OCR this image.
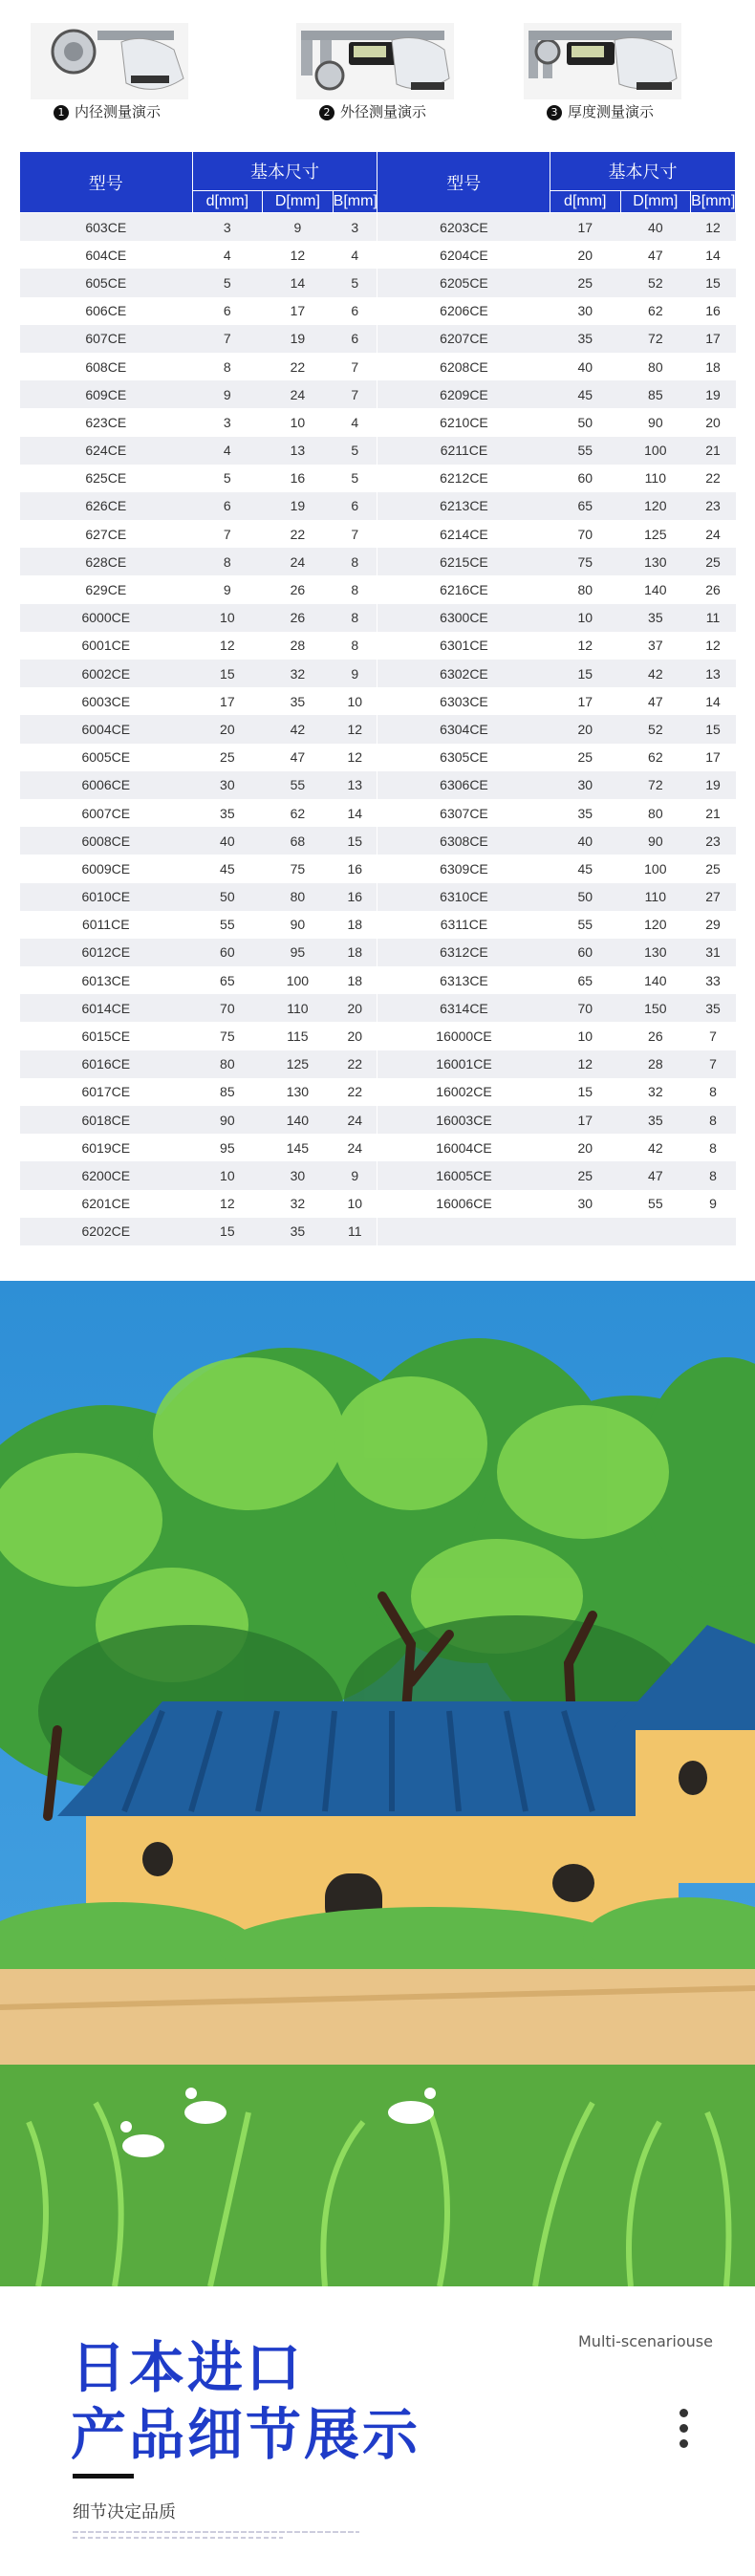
1 内径测量演示	2 外径测量演示	3 厚度测量演示
型号	基本尺寸			型号	基本尺寸		
	d[mm]	D[mm]	B[mm]		d[mm]	D[mm]	B[mm]
603CE	3	9	3	6203CE	17	40	12
604CE	4	12	4	6204CE	20	47	14
605CE	5	14	5	6205CE	25	52	15
606CE	6	17	6	6206CE	30	62	16
607CE	7	19	6	6207CE	35	72	17
608CE	8	22	7	6208CE	40	80	18
609CE	9	24	7	6209CE	45	85	19
623CE	3	10	4	6210CE	50	90	20
624CE	4	13	5	6211CE	55	100	21
625CE	5	16	5	6212CE	60	110	22
626CE	6	19	6	6213CE	65	120	23
627CE	7	22	7	6214CE	70	125	24
628CE	8	24	8	6215CE	75	130	25
629CE	9	26	8	6216CE	80	140	26
6000CE	10	26	8	6300CE	10	35	11
6001CE	12	28	8	6301CE	12	37	12
6002CE	15	32	9	6302CE	15	42	13
6003CE	17	35	10	6303CE	17	47	14
6004CE	20	42	12	6304CE	20	52	15
6005CE	25	47	12	6305CE	25	62	17
6006CE	30	55	13	6306CE	30	72	19
6007CE	35	62	14	6307CE	35	80	21
6008CE	40	68	15	6308CE	40	90	23
6009CE	45	75	16	6309CE	45	100	25
6010CE	50	80	16	6310CE	50	110	27
6011CE	55	90	18	6311CE	55	120	29
6012CE	60	95	18	6312CE	60	130	31
6013CE	65	100	18	6313CE	65	140	33
6014CE	70	110	20	6314CE	70	150	35
6015CE	75	115	20	16000CE	10	26	7
6016CE	80	125	22	16001CE	12	28	7
6017CE	85	130	22	16002CE	15	32	8
6018CE	90	140	24	16003CE	17	35	8
6019CE	95	145	24	16004CE	20	42	8
6200CE	10	30	9	16005CE	25	47	8
6201CE	12	32	10	16006CE	30	55	9
6202CE	15	35	11				
日本进口
产品细节展示
Multi-scenariouse
细节决定品质
